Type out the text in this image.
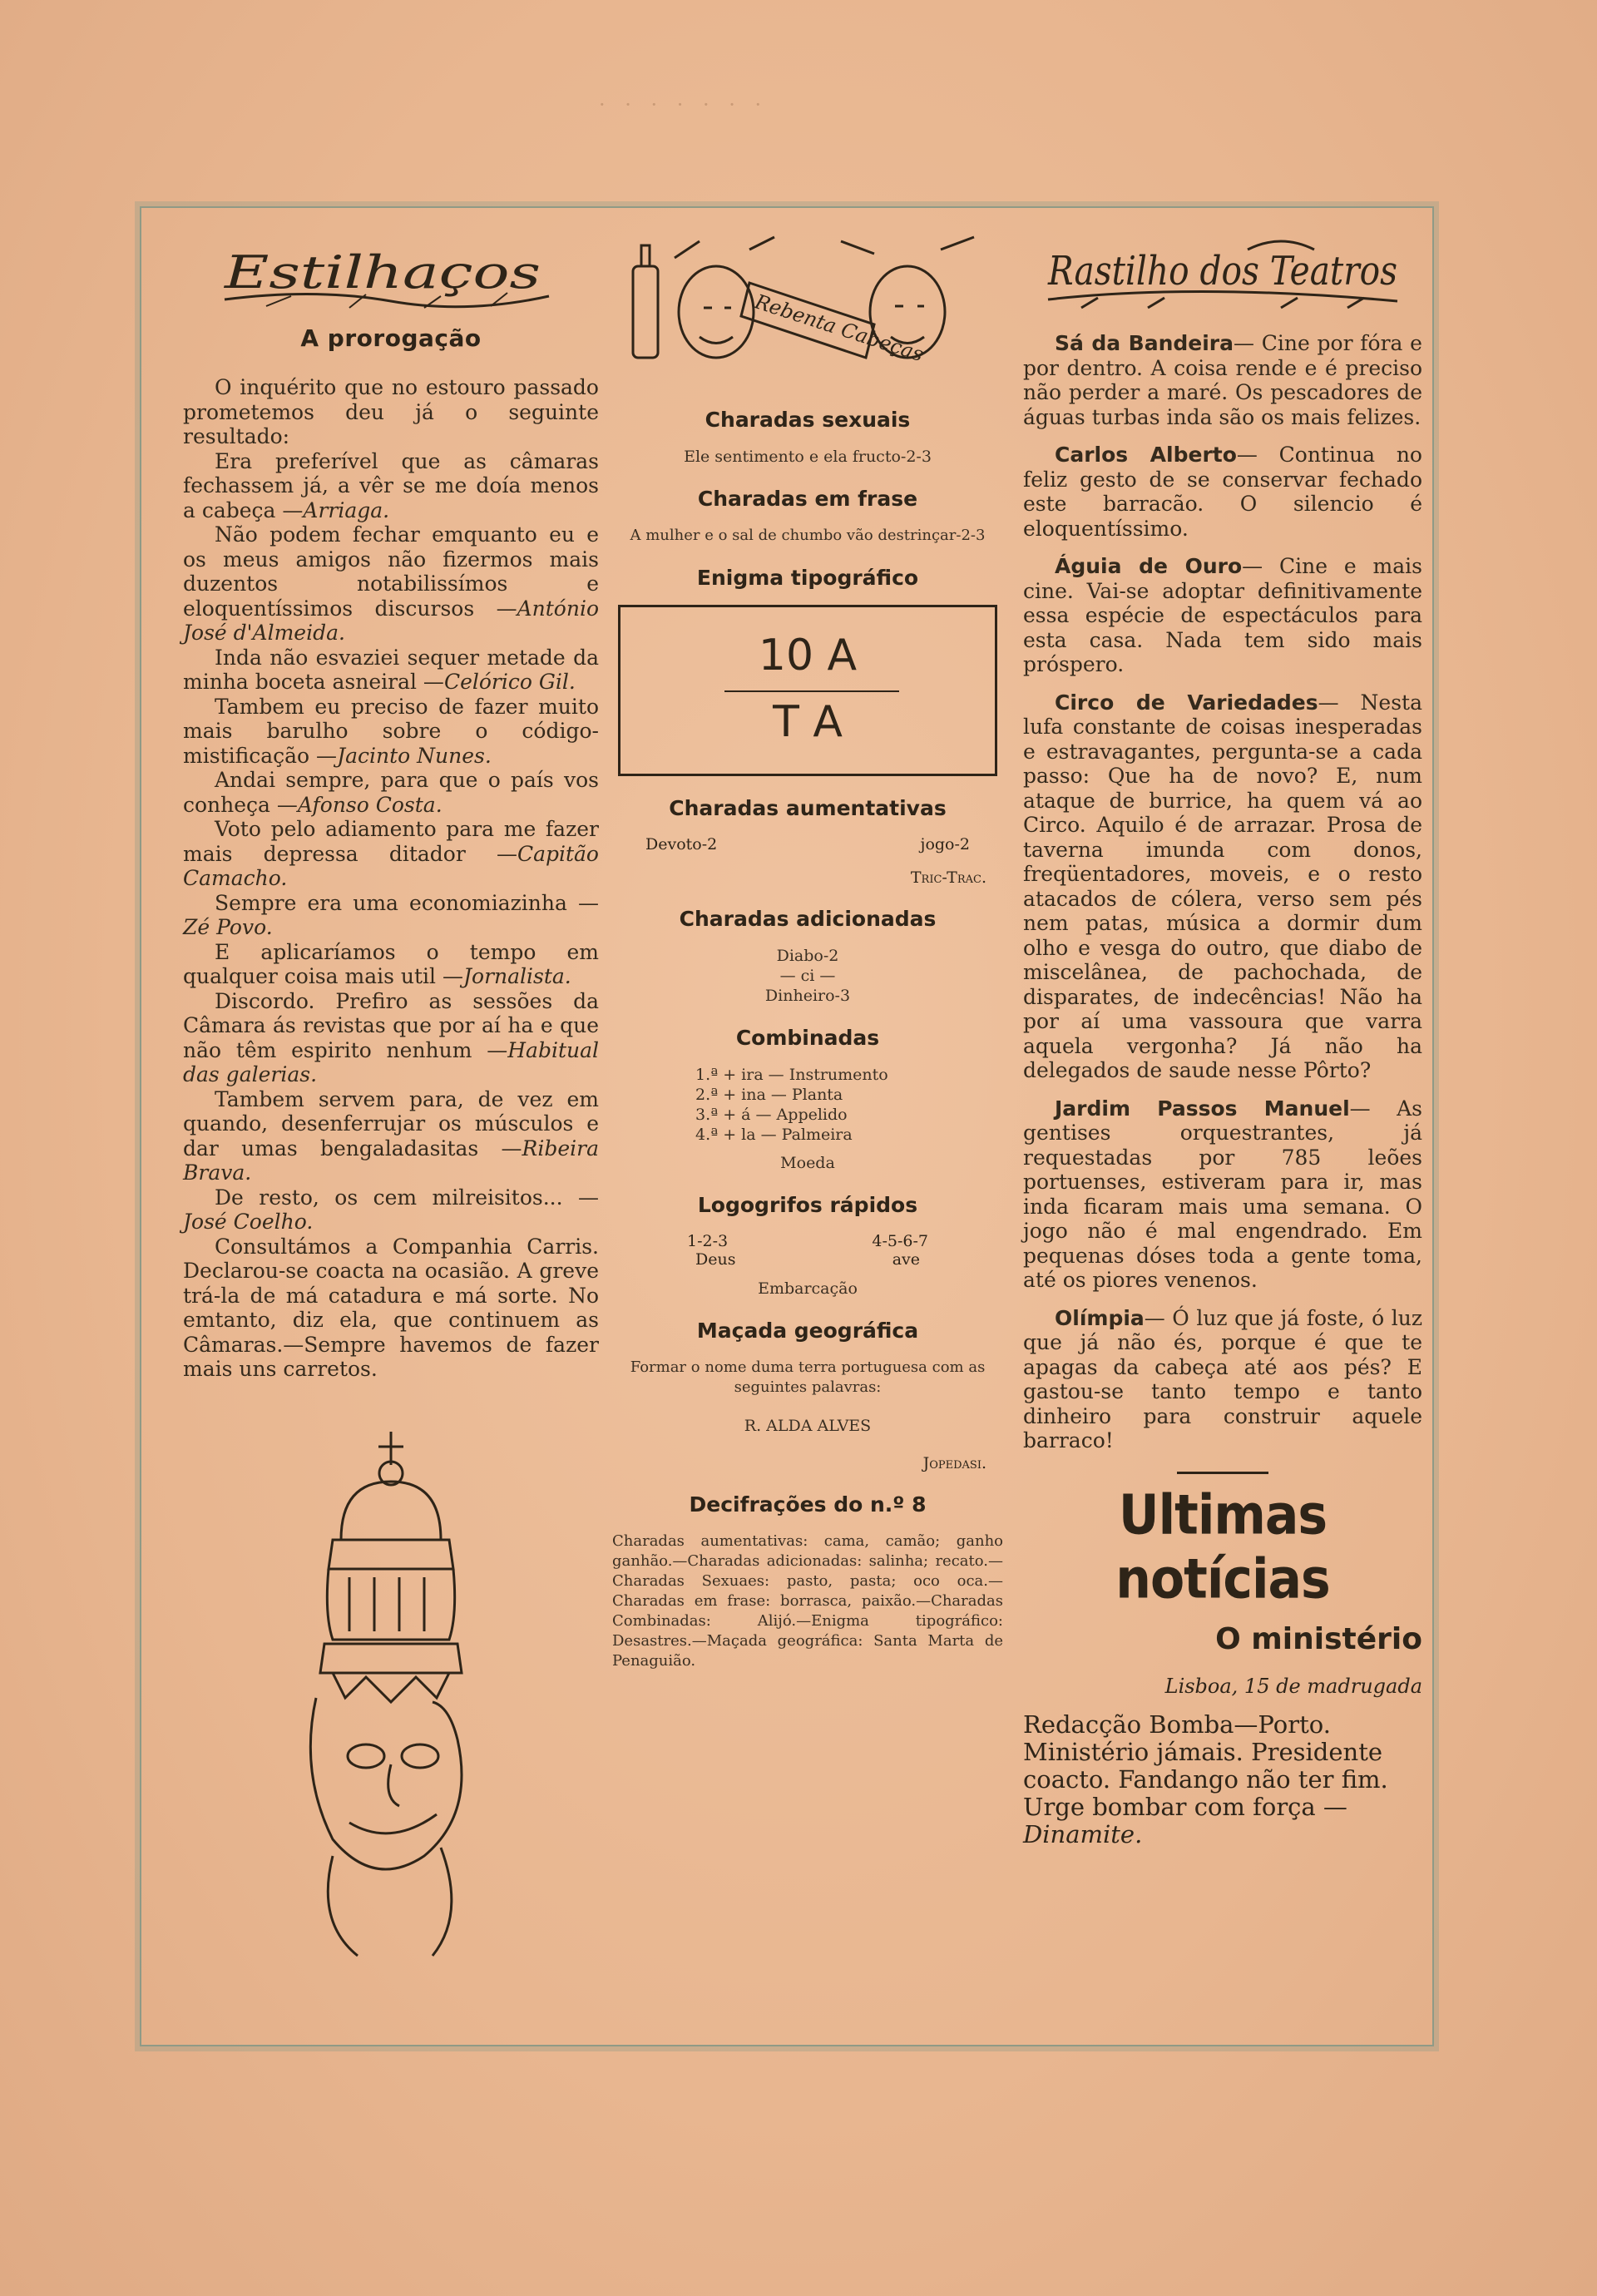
· · · · · · ·
Estilhaços
A prorogação

O inquérito que no estouro passado prometemos deu já o seguinte resultado:

Era preferível que as câmaras fechassem já, a vêr se me doía menos a cabeça —Arriaga.

Não podem fechar emquanto eu e os meus amigos não fizermos mais duzentos notabilissímos e eloquentíssimos discursos —António José d'Almeida.

Inda não esvaziei sequer metade da minha boceta asneiral —Celórico Gil.

Tambem eu preciso de fazer muito mais barulho sobre o código-mistificação —Jacinto Nunes.

Andai sempre, para que o país vos conheça —Afonso Costa.

Voto pelo adiamento para me fazer mais depressa ditador —Capitão Camacho.

Sempre era uma economiazinha —Zé Povo.

E aplicaríamos o tempo em qualquer coisa mais util —Jornalista.

Discordo. Prefiro as sessões da Câmara ás revistas que por aí ha e que não têm espirito nenhum —Habitual das galerias.

Tambem servem para, de vez em quando, desenferrujar os músculos e dar umas bengaladasitas —Ribeira Brava.

De resto, os cem milreisitos... —José Coelho.

Consultámos a Companhia Carris. Declarou-se coacta na ocasião. A greve trá-la de má catadura e má sorte. No emtanto, diz ela, que continuem as Câmaras.—Sempre havemos de fazer mais uns carretos.

Rebenta Cabeças
Charadas sexuais
Ele sentimento e ela fructo-2-3
Charadas em frase
A mulher e o sal de chumbo vão destrinçar-2-3
Enigma tipográfico
10 A
T A
Charadas aumentativas
Devoto-2	jogo-2
Tric-Trac.
Charadas adicionadas
Diabo-2
— ci —
Dinheiro-3
Combinadas
1.ª + ira — Instrumento
2.ª + ina — Planta
3.ª + á — Appelido
4.ª + la — Palmeira
Moeda
Logogrifos rápidos
1-2-3	4-5-6-7
Deus	ave
Embarcação
Maçada geográfica
Formar o nome duma terra portuguesa com as seguintes palavras:
R. ALDA ALVES
Jopedasi.
Decifrações do n.º 8
Charadas aumentativas: cama, camão; ganho ganhão.—Charadas adicionadas: salinha; recato.—Charadas Sexuaes: pasto, pasta; oco oca.—Charadas em frase: borrasca, paixão.—Charadas Combinadas: Alijó.—Enigma tipográfico: Desastres.—Maçada geográfica: Santa Marta de Penaguião.
Rastilho dos Teatros

Sá da Bandeira— Cine por fóra e por dentro. A coisa rende e é preciso não perder a maré. Os pescadores de águas turbas inda são os mais felizes.

Carlos Alberto— Continua no feliz gesto de se conservar fechado este barracão. O silencio é eloquentíssimo.

Águia de Ouro— Cine e mais cine. Vai-se adoptar definitivamente essa espécie de espectáculos para esta casa. Nada tem sido mais próspero.

Circo de Variedades— Nesta lufa constante de coisas inesperadas e estravagantes, pergunta-se a cada passo: Que ha de novo? E, num ataque de burrice, ha quem vá ao Circo. Aquilo é de arrazar. Prosa de taverna imunda com donos, freqüentadores, moveis, e o resto atacados de cólera, verso sem pés nem patas, música a dormir dum olho e vesga do outro, que diabo de miscelânea, de pachochada, de disparates, de indecências! Não ha por aí uma vassoura que varra aquela vergonha? Já não ha delegados de saude nesse Pôrto?

Jardim Passos Manuel— As gentises orquestrantes, já requestadas por 785 leões portuenses, estiveram para ir, mas inda ficaram mais uma semana. O jogo não é mal engendrado. Em pequenas dóses toda a gente toma, até os piores venenos.

Olímpia— Ó luz que já foste, ó luz que já não és, porque é que te apagas da cabeça até aos pés? E gastou-se tanto tempo e tanto dinheiro para construir aquele barraco!

Ultimas notícias
O ministério
Lisboa, 15 de madrugada
Redacção Bomba—Porto. Ministério jámais. Presidente coacto. Fandango não ter fim. Urge bombar com força —Dinamite.
